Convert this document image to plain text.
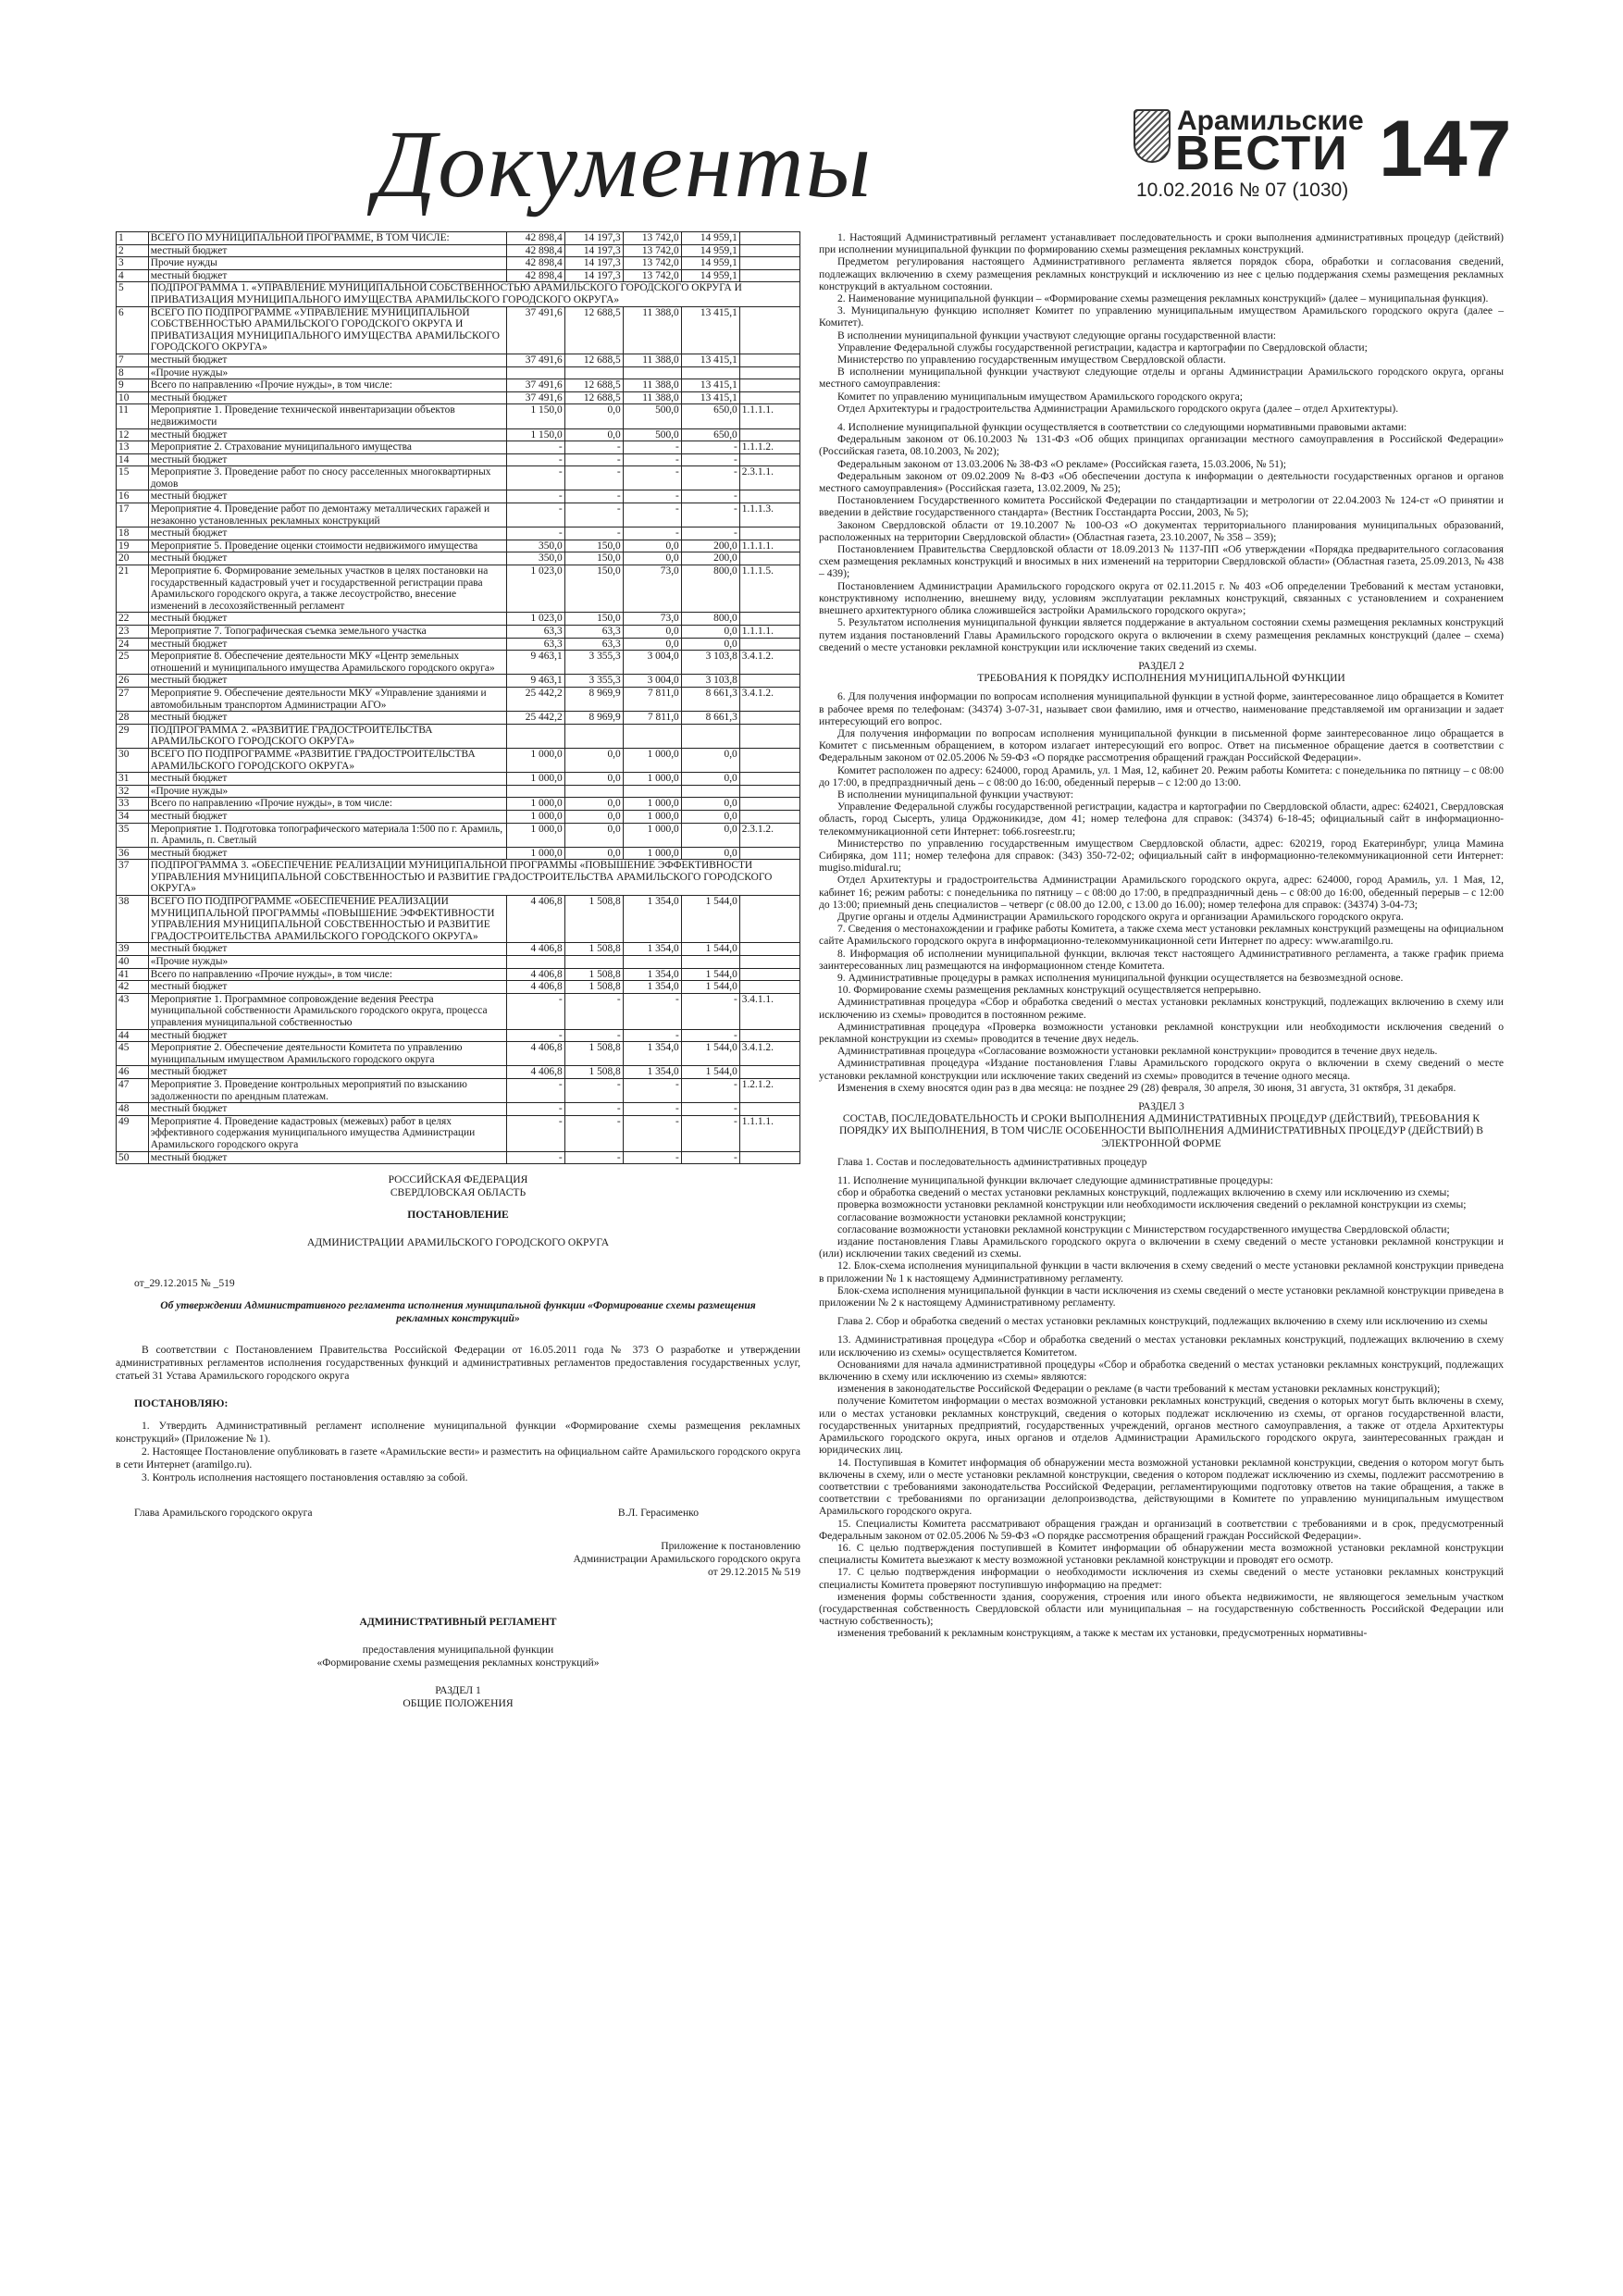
Документы	Арамильские
ВЕСТИ 147
10.02.2016 № 07 (1030)
1	ВСЕГО ПО МУНИЦИПАЛЬНОЙ ПРОГРАММЕ, В ТОМ ЧИСЛЕ:	42 898,4	14 197,3	13 742,0	14 959,1	
2	местный бюджет	42 898,4	14 197,3	13 742,0	14 959,1	
3	Прочие нужды	42 898,4	14 197,3	13 742,0	14 959,1	
4	местный бюджет	42 898,4	14 197,3	13 742,0	14 959,1	
5	ПОДПРОГРАММА 1. «УПРАВЛЕНИЕ МУНИЦИПАЛЬНОЙ СОБСТВЕННОСТЬЮ АРАМИЛЬСКОГО ГОРОДСКОГО ОКРУГА И ПРИВАТИЗАЦИЯ МУНИЦИПАЛЬНОГО ИМУЩЕСТВА АРАМИЛЬСКОГО ГОРОДСКОГО ОКРУГА»					
6	ВСЕГО ПО ПОДПРОГРАММЕ «УПРАВЛЕНИЕ МУНИЦИПАЛЬНОЙ СОБСТВЕННОСТЬЮ АРАМИЛЬСКОГО ГОРОДСКОГО ОКРУГА И ПРИВАТИЗАЦИЯ МУНИЦИПАЛЬНОГО ИМУЩЕСТВА АРАМИЛЬСКОГО ГОРОДСКОГО ОКРУГА»	37 491,6	12 688,5	11 388,0	13 415,1	
7	местный бюджет	37 491,6	12 688,5	11 388,0	13 415,1	
8	«Прочие нужды»					
9	Всего по направлению «Прочие нужды», в том числе:	37 491,6	12 688,5	11 388,0	13 415,1	
10	местный бюджет	37 491,6	12 688,5	11 388,0	13 415,1	
11	Мероприятие 1. Проведение технической инвентаризации объектов недвижимости	1 150,0	0,0	500,0	650,0	1.1.1.1.
12	местный бюджет	1 150,0	0,0	500,0	650,0	
13	Мероприятие 2. Страхование муниципального имущества	-	-	-	-	1.1.1.2.
14	местный бюджет	-	-	-	-	
15	Мероприятие 3. Проведение работ по сносу расселенных многоквартирных домов	-	-	-	-	2.3.1.1.
16	местный бюджет	-	-	-	-	
17	Мероприятие 4. Проведение работ по демонтажу металлических гаражей и незаконно установленных рекламных конструкций	-	-	-	-	1.1.1.3.
18	местный бюджет	-	-	-	-	
19	Мероприятие 5. Проведение оценки стоимости недвижимого имущества	350,0	150,0	0,0	200,0	1.1.1.1.
20	местный бюджет	350,0	150,0	0,0	200,0	
21	Мероприятие 6. Формирование земельных участков в целях постановки на государственный кадастровый учет и государственной регистрации права Арамильского городского округа, а также лесоустройство, внесение изменений в лесохозяйственный регламент	1 023,0	150,0	73,0	800,0	1.1.1.5.
22	местный бюджет	1 023,0	150,0	73,0	800,0	
23	Мероприятие 7. Топографическая съемка земельного участка	63,3	63,3	0,0	0,0	1.1.1.1.
24	местный бюджет	63,3	63,3	0,0	0,0	
25	Мероприятие 8. Обеспечение деятельности МКУ «Центр земельных отношений и муниципального имущества Арамильского городского округа»	9 463,1	3 355,3	3 004,0	3 103,8	3.4.1.2.
26	местный бюджет	9 463,1	3 355,3	3 004,0	3 103,8	
27	Мероприятие 9. Обеспечение деятельности МКУ «Управление зданиями и автомобильным транспортом Администрации АГО»	25 442,2	8 969,9	7 811,0	8 661,3	3.4.1.2.
28	местный бюджет	25 442,2	8 969,9	7 811,0	8 661,3	
29	ПОДПРОГРАММА 2. «РАЗВИТИЕ ГРАДОСТРОИТЕЛЬСТВА АРАМИЛЬСКОГО ГОРОДСКОГО ОКРУГА»					
30	ВСЕГО ПО ПОДПРОГРАММЕ «РАЗВИТИЕ ГРАДОСТРОИТЕЛЬСТВА АРАМИЛЬСКОГО ГОРОДСКОГО ОКРУГА»	1 000,0	0,0	1 000,0	0,0	
31	местный бюджет	1 000,0	0,0	1 000,0	0,0	
32	«Прочие нужды»					
33	Всего по направлению «Прочие нужды», в том числе:	1 000,0	0,0	1 000,0	0,0	
34	местный бюджет	1 000,0	0,0	1 000,0	0,0	
35	Мероприятие 1. Подготовка топографического материала 1:500 по г. Арамиль, п. Арамиль, п. Светлый	1 000,0	0,0	1 000,0	0,0	2.3.1.2.
36	местный бюджет	1 000,0	0,0	1 000,0	0,0	
37	ПОДПРОГРАММА 3. «ОБЕСПЕЧЕНИЕ РЕАЛИЗАЦИИ МУНИЦИПАЛЬНОЙ ПРОГРАММЫ «ПОВЫШЕНИЕ ЭФФЕКТИВНОСТИ УПРАВЛЕНИЯ МУНИЦИПАЛЬНОЙ СОБСТВЕННОСТЬЮ И РАЗВИТИЕ ГРАДОСТРОИТЕЛЬСТВА АРАМИЛЬСКОГО ГОРОДСКОГО ОКРУГА»					
38	ВСЕГО ПО ПОДПРОГРАММЕ «ОБЕСПЕЧЕНИЕ РЕАЛИЗАЦИИ МУНИЦИПАЛЬНОЙ ПРОГРАММЫ «ПОВЫШЕНИЕ ЭФФЕКТИВНОСТИ УПРАВЛЕНИЯ МУНИЦИПАЛЬНОЙ СОБСТВЕННОСТЬЮ И РАЗВИТИЕ ГРАДОСТРОИТЕЛЬСТВА АРАМИЛЬСКОГО ГОРОДСКОГО ОКРУГА»	4 406,8	1 508,8	1 354,0	1 544,0	
39	местный бюджет	4 406,8	1 508,8	1 354,0	1 544,0	
40	«Прочие нужды»					
41	Всего по направлению «Прочие нужды», в том числе:	4 406,8	1 508,8	1 354,0	1 544,0	
42	местный бюджет	4 406,8	1 508,8	1 354,0	1 544,0	
43	Мероприятие 1. Программное сопровождение ведения Реестра муниципальной собственности Арамильского городского округа, процесса управления муниципальной собственностью	-	-	-	-	3.4.1.1.
44	местный бюджет	-	-	-	-	
45	Мероприятие 2. Обеспечение деятельности Комитета по управлению муниципальным имуществом Арамильского городского округа	4 406,8	1 508,8	1 354,0	1 544,0	3.4.1.2.
46	местный бюджет	4 406,8	1 508,8	1 354,0	1 544,0	
47	Мероприятие 3. Проведение контрольных мероприятий по взысканию задолженности по арендным платежам.	-	-	-	-	1.2.1.2.
48	местный бюджет	-	-	-	-	
49	Мероприятие 4. Проведение кадастровых (межевых) работ в целях эффективного содержания муниципального имущества Администрации Арамильского городского округа	-	-	-	-	1.1.1.1.
50	местный бюджет	-	-	-	-	
РОССИЙСКАЯ ФЕДЕРАЦИЯ
СВЕРДЛОВСКАЯ ОБЛАСТЬ
ПОСТАНОВЛЕНИЕ
АДМИНИСТРАЦИИ АРАМИЛЬСКОГО ГОРОДСКОГО ОКРУГА
от_29.12.2015 № _519
Об утверждении Административного регламента исполнения муниципальной функции «Формирование схемы размещения рекламных конструкций»
В соответствии с Постановлением Правительства Российской Федерации от 16.05.2011 года № 373 О разработке и утверждении административных регламентов исполнения государственных функций и административных регламентов предоставления государственных услуг, статьей 31 Устава Арамильского городского округа
ПОСТАНОВЛЯЮ:
1. Утвердить Административный регламент исполнение муниципальной функции «Формирование схемы размещения рекламных конструкций» (Приложение № 1).
2. Настоящее Постановление опубликовать в газете «Арамильские вести» и разместить на официальном сайте Арамильского городского округа в сети Интернет (aramilgo.ru).
3. Контроль исполнения настоящего постановления оставляю за собой.
Глава Арамильского городского округа	В.Л. Герасименко
Приложение к постановлению
Администрации Арамильского городского округа
от 29.12.2015 № 519
АДМИНИСТРАТИВНЫЙ РЕГЛАМЕНТ
предоставления муниципальной функции
«Формирование схемы размещения рекламных конструкций»
РАЗДЕЛ 1
ОБЩИЕ ПОЛОЖЕНИЯ

1. Настоящий Административный регламент устанавливает последовательность и сроки выполнения административных процедур (действий) при исполнении муниципальной функции по формированию схемы размещения рекламных конструкций.

Предметом регулирования настоящего Административного регламента является порядок сбора, обработки и согласования сведений, подлежащих включению в схему размещения рекламных конструкций и исключению из нее с целью поддержания схемы размещения рекламных конструкций в актуальном состоянии.

2. Наименование муниципальной функции – «Формирование схемы размещения рекламных конструкций» (далее – муниципальная функция).

3. Муниципальную функцию исполняет Комитет по управлению муниципальным имуществом Арамильского городского округа (далее – Комитет).

В исполнении муниципальной функции участвуют следующие органы государственной власти:

Управление Федеральной службы государственной регистрации, кадастра и картографии по Свердловской области;

Министерство по управлению государственным имуществом Свердловской области.

В исполнении муниципальной функции участвуют следующие отделы и органы Администрации Арамильского городского округа, органы местного самоуправления:

Комитет по управлению муниципальным имуществом Арамильского городского округа;

Отдел Архитектуры и градостроительства Администрации Арамильского городского округа (далее – отдел Архитектуры).

4. Исполнение муниципальной функции осуществляется в соответствии со следующими нормативными правовыми актами:

Федеральным законом от 06.10.2003 № 131-ФЗ «Об общих принципах организации местного самоуправления в Российской Федерации» (Российская газета, 08.10.2003, № 202);

Федеральным законом от 13.03.2006 № 38-ФЗ «О рекламе» (Российская газета, 15.03.2006, № 51);

Федеральным законом от 09.02.2009 № 8-ФЗ «Об обеспечении доступа к информации о деятельности государственных органов и органов местного самоуправления» (Российская газета, 13.02.2009, № 25);

Постановлением Государственного комитета Российской Федерации по стандартизации и метрологии от 22.04.2003 № 124-ст «О принятии и введении в действие государственного стандарта» (Вестник Госстандарта России, 2003, № 5);

Законом Свердловской области от 19.10.2007 № 100-ОЗ «О документах территориального планирования муниципальных образований, расположенных на территории Свердловской области» (Областная газета, 23.10.2007, № 358 – 359);

Постановлением Правительства Свердловской области от 18.09.2013 № 1137-ПП «Об утверждении «Порядка предварительного согласования схем размещения рекламных конструкций и вносимых в них изменений на территории Свердловской области» (Областная газета, 25.09.2013, № 438 – 439);

Постановлением Администрации Арамильского городского округа от 02.11.2015 г. № 403 «Об определении Требований к местам установки, конструктивному исполнению, внешнему виду, условиям эксплуатации рекламных конструкций, связанных с установлением и сохранением внешнего архитектурного облика сложившейся застройки Арамильского городского округа»;

5. Результатом исполнения муниципальной функции является поддержание в актуальном состоянии схемы размещения рекламных конструкций путем издания постановлений Главы Арамильского городского округа о включении в схему размещения рекламных конструкций (далее – схема) сведений о месте установки рекламной конструкции или исключение таких сведений из схемы.

РАЗДЕЛ 2

ТРЕБОВАНИЯ К ПОРЯДКУ ИСПОЛНЕНИЯ МУНИЦИПАЛЬНОЙ ФУНКЦИИ

6. Для получения информации по вопросам исполнения муниципальной функции в устной форме, заинтересованное лицо обращается в Комитет в рабочее время по телефонам: (34374) 3-07-31, называет свои фамилию, имя и отчество, наименование представляемой им организации и задает интересующий его вопрос.

Для получения информации по вопросам исполнения муниципальной функции в письменной форме заинтересованное лицо обращается в Комитет с письменным обращением, в котором излагает интересующий его вопрос. Ответ на письменное обращение дается в соответствии с Федеральным законом от 02.05.2006 № 59-ФЗ «О порядке рассмотрения обращений граждан Российской Федерации».

Комитет расположен по адресу: 624000, город Арамиль, ул. 1 Мая, 12, кабинет 20. Режим работы Комитета: с понедельника по пятницу – с 08:00 до 17:00, в предпраздничный день – с 08:00 до 16:00, обеденный перерыв – с 12:00 до 13:00.

В исполнении муниципальной функции участвуют:

Управление Федеральной службы государственной регистрации, кадастра и картографии по Свердловской области, адрес: 624021, Свердловская область, город Сысерть, улица Орджоникидзе, дом 41; номер телефона для справок: (34374) 6-18-45; официальный сайт в информационно-телекоммуникационной сети Интернет: to66.rosreestr.ru;

Министерство по управлению государственным имуществом Свердловской области, адрес: 620219, город Екатеринбург, улица Мамина Сибиряка, дом 111; номер телефона для справок: (343) 350-72-02; официальный сайт в информационно-телекоммуникационной сети Интернет: mugiso.midural.ru;

Отдел Архитектуры и градостроительства Администрации Арамильского городского округа, адрес: 624000, город Арамиль, ул. 1 Мая, 12, кабинет 16; режим работы: с понедельника по пятницу – с 08:00 до 17:00, в предпраздничный день – с 08:00 до 16:00, обеденный перерыв – с 12:00 до 13:00; приемный день специалистов – четверг (с 08.00 до 12.00, с 13.00 до 16.00); номер телефона для справок: (34374) 3-04-73;

Другие органы и отделы Администрации Арамильского городского округа и организации Арамильского городского округа.

7. Сведения о местонахождении и графике работы Комитета, а также схема мест установки рекламных конструкций размещены на официальном сайте Арамильского городского округа в информационно-телекоммуникационной сети Интернет по адресу: www.aramilgo.ru.

8. Информация об исполнении муниципальной функции, включая текст настоящего Административного регламента, а также график приема заинтересованных лиц размещаются на информационном стенде Комитета.

9. Административные процедуры в рамках исполнения муниципальной функции осуществляется на безвозмездной основе.

10. Формирование схемы размещения рекламных конструкций осуществляется непрерывно.

Административная процедура «Сбор и обработка сведений о местах установки рекламных конструкций, подлежащих включению в схему или исключению из схемы» проводится в постоянном режиме.

Административная процедура «Проверка возможности установки рекламной конструкции или необходимости исключения сведений о рекламной конструкции из схемы» проводится в течение двух недель.

Административная процедура «Согласование возможности установки рекламной конструкции» проводится в течение двух недель.

Административная процедура «Издание постановления Главы Арамильского городского округа о включении в схему сведений о месте установки рекламной конструкции или исключение таких сведений из схемы» проводится в течение одного месяца.

Изменения в схему вносятся один раз в два месяца: не позднее 29 (28) февраля, 30 апреля, 30 июня, 31 августа, 31 октября, 31 декабря.

РАЗДЕЛ 3

СОСТАВ, ПОСЛЕДОВАТЕЛЬНОСТЬ И СРОКИ ВЫПОЛНЕНИЯ АДМИНИСТРАТИВНЫХ ПРОЦЕДУР (ДЕЙСТВИЙ), ТРЕБОВАНИЯ К ПОРЯДКУ ИХ ВЫПОЛНЕНИЯ, В ТОМ ЧИСЛЕ ОСОБЕННОСТИ ВЫПОЛНЕНИЯ АДМИНИСТРАТИВНЫХ ПРОЦЕДУР (ДЕЙСТВИЙ) В ЭЛЕКТРОННОЙ ФОРМЕ

Глава 1. Состав и последовательность административных процедур

11. Исполнение муниципальной функции включает следующие административные процедуры:

сбор и обработка сведений о местах установки рекламных конструкций, подлежащих включению в схему или исключению из схемы;

проверка возможности установки рекламной конструкции или необходимости исключения сведений о рекламной конструкции из схемы;

согласование возможности установки рекламной конструкции;

согласование возможности установки рекламной конструкции с Министерством государственного имущества Свердловской области;

издание постановления Главы Арамильского городского округа о включении в схему сведений о месте установки рекламной конструкции и (или) исключении таких сведений из схемы.

12. Блок-схема исполнения муниципальной функции в части включения в схему сведений о месте установки рекламной конструкции приведена в приложении № 1 к настоящему Административному регламенту.

Блок-схема исполнения муниципальной функции в части исключения из схемы сведений о месте установки рекламной конструкции приведена в приложении № 2 к настоящему Административному регламенту.

Глава 2. Сбор и обработка сведений о местах установки рекламных конструкций, подлежащих включению в схему или исключению из схемы

13. Административная процедура «Сбор и обработка сведений о местах установки рекламных конструкций, подлежащих включению в схему или исключению из схемы» осуществляется Комитетом.

Основаниями для начала административной процедуры «Сбор и обработка сведений о местах установки рекламных конструкций, подлежащих включению в схему или исключению из схемы» являются:

изменения в законодательстве Российской Федерации о рекламе (в части требований к местам установки рекламных конструкций);

получение Комитетом информации о местах возможной установки рекламных конструкций, сведения о которых могут быть включены в схему, или о местах установки рекламных конструкций, сведения о которых подлежат исключению из схемы, от органов государственной власти, государственных унитарных предприятий, государственных учреждений, органов местного самоуправления, а также от отдела Архитектуры Арамильского городского округа, иных органов и отделов Администрации Арамильского городского округа, заинтересованных граждан и юридических лиц.

14. Поступившая в Комитет информация об обнаружении места возможной установки рекламной конструкции, сведения о котором могут быть включены в схему, или о месте установки рекламной конструкции, сведения о котором подлежат исключению из схемы, подлежит рассмотрению в соответствии с требованиями законодательства Российской Федерации, регламентирующими подготовку ответов на такие обращения, а также в соответствии с требованиями по организации делопроизводства, действующими в Комитете по управлению муниципальным имуществом Арамильского городского округа.

15. Специалисты Комитета рассматривают обращения граждан и организаций в соответствии с требованиями и в срок, предусмотренный Федеральным законом от 02.05.2006 № 59-ФЗ «О порядке рассмотрения обращений граждан Российской Федерации».

16. С целью подтверждения поступившей в Комитет информации об обнаружении места возможной установки рекламной конструкции специалисты Комитета выезжают к месту возможной установки рекламной конструкции и проводят его осмотр.

17. С целью подтверждения информации о необходимости исключения из схемы сведений о месте установки рекламных конструкций специалисты Комитета проверяют поступившую информацию на предмет:

изменения формы собственности здания, сооружения, строения или иного объекта недвижимости, не являющегося земельным участком (государственная собственность Свердловской области или муниципальная – на государственную собственность Российской Федерации или частную собственность);

изменения требований к рекламным конструкциям, а также к местам их установки, предусмотренных нормативны-
